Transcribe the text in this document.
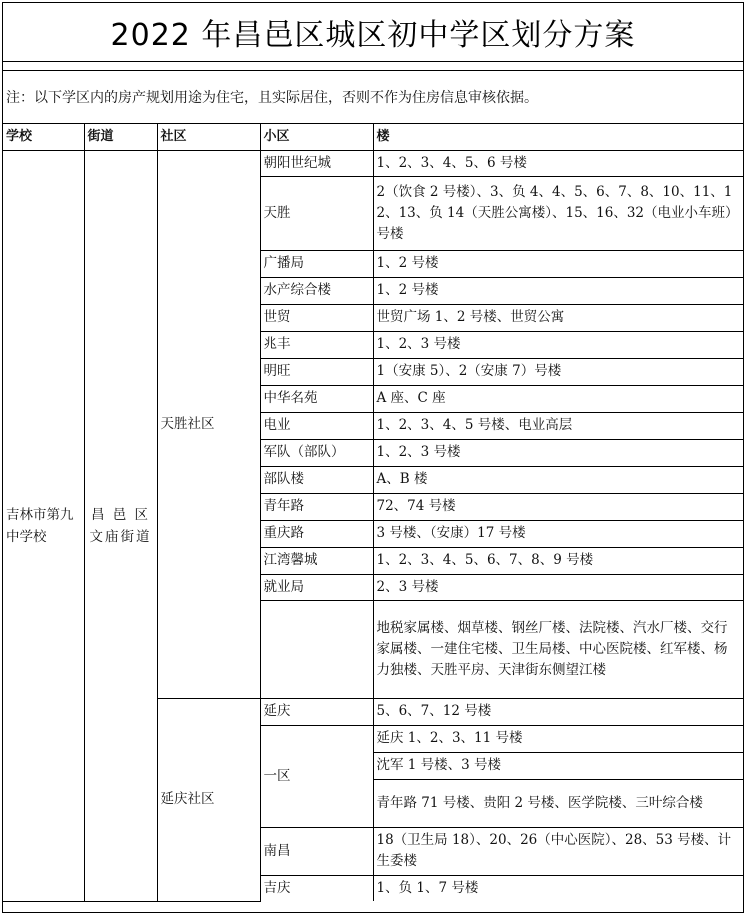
2022 年昌邑区城区初中学区划分方案
注：以下学区内的房产规划用途为住宅，且实际居住，否则不作为住房信息审核依据。
学校	街道	社区	小区	楼
吉林市第九中学校	昌 邑 区 文庙街道	天胜社区	朝阳世纪城	1、2、3、4、5、6 号楼
			天胜	2（饮食 2 号楼）、3、负 4、4、5、6、7、8、10、11、12、13、负 14（天胜公寓楼）、15、16、32（电业小车班）号楼
			广播局	1、2 号楼
			水产综合楼	1、2 号楼
			世贸	世贸广场 1、2 号楼、世贸公寓
			兆丰	1、2、3 号楼
			明旺	1（安康 5）、2（安康 7）号楼
			中华名苑	A 座、C 座
			电业	1、2、3、4、5 号楼、电业高层
			军队（部队）	1、2、3 号楼
			部队楼	A、B 楼
			青年路	72、74 号楼
			重庆路	3 号楼、（安康）17 号楼
			江湾馨城	1、2、3、4、5、6、7、8、9 号楼
			就业局	2、3 号楼
				地税家属楼、烟草楼、钢丝厂楼、法院楼、汽水厂楼、交行家属楼、一建住宅楼、卫生局楼、中心医院楼、红军楼、杨力独楼、天胜平房、天津街东侧望江楼
		延庆社区	延庆	5、6、7、12 号楼
			一区	延庆 1、2、3、11 号楼
				沈军 1 号楼、3 号楼
				青年路 71 号楼、贵阳 2 号楼、医学院楼、三叶综合楼
			南昌	18（卫生局 18）、20、26（中心医院）、28、53 号楼、计生委楼
			吉庆	1、负 1、7 号楼
